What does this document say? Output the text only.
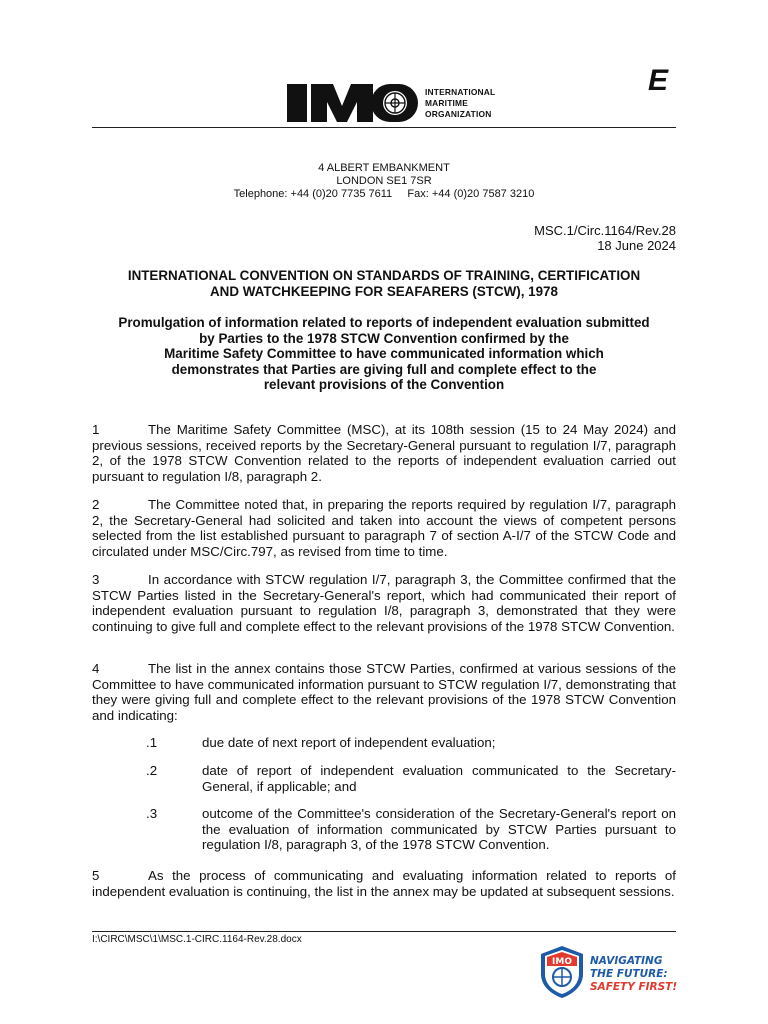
INTERNATIONAL
MARITIME
ORGANIZATION
E
4 ALBERT EMBANKMENT
LONDON SE1 7SR
Telephone: +44 (0)20 7735 7611     Fax: +44 (0)20 7587 3210
MSC.1/Circ.1164/Rev.28
18 June 2024
INTERNATIONAL CONVENTION ON STANDARDS OF TRAINING, CERTIFICATION
AND WATCHKEEPING FOR SEAFARERS (STCW), 1978
Promulgation of information related to reports of independent evaluation submitted
by Parties to the 1978 STCW Convention confirmed by the
Maritime Safety Committee to have communicated information which
demonstrates that Parties are giving full and complete effect to the
relevant provisions of the Convention
1	The Maritime Safety Committee (MSC), at its 108th session (15 to 24 May 2024) and previous sessions, received reports by the Secretary-General pursuant to regulation I/7, paragraph 2, of the 1978 STCW Convention related to the reports of independent evaluation carried out pursuant to regulation I/8, paragraph 2.
2	The Committee noted that, in preparing the reports required by regulation I/7, paragraph 2, the Secretary-General had solicited and taken into account the views of competent persons selected from the list established pursuant to paragraph 7 of section A-I/7 of the STCW Code and circulated under MSC/Circ.797, as revised from time to time.
3	In accordance with STCW regulation I/7, paragraph 3, the Committee confirmed that the STCW Parties listed in the Secretary-General's report, which had communicated their report of independent evaluation pursuant to regulation I/8, paragraph 3, demonstrated that they were continuing to give full and complete effect to the relevant provisions of the 1978 STCW Convention.
4	The list in the annex contains those STCW Parties, confirmed at various sessions of the Committee to have communicated information pursuant to STCW regulation I/7, demonstrating that they were giving full and complete effect to the relevant provisions of the 1978 STCW Convention and indicating:
.1	due date of next report of independent evaluation;
.2	date of report of independent evaluation communicated to the Secretary-General, if applicable; and
.3	outcome of the Committee's consideration of the Secretary-General's report on the evaluation of information communicated by STCW Parties pursuant to regulation I/8, paragraph 3, of the 1978 STCW Convention.
5	As the process of communicating and evaluating information related to reports of independent evaluation is continuing, the list in the annex may be updated at subsequent sessions.
I:\CIRC\MSC\1\MSC.1-CIRC.1164-Rev.28.docx
IMO NAVIGATING
THE FUTURE:
SAFETY FIRST!
